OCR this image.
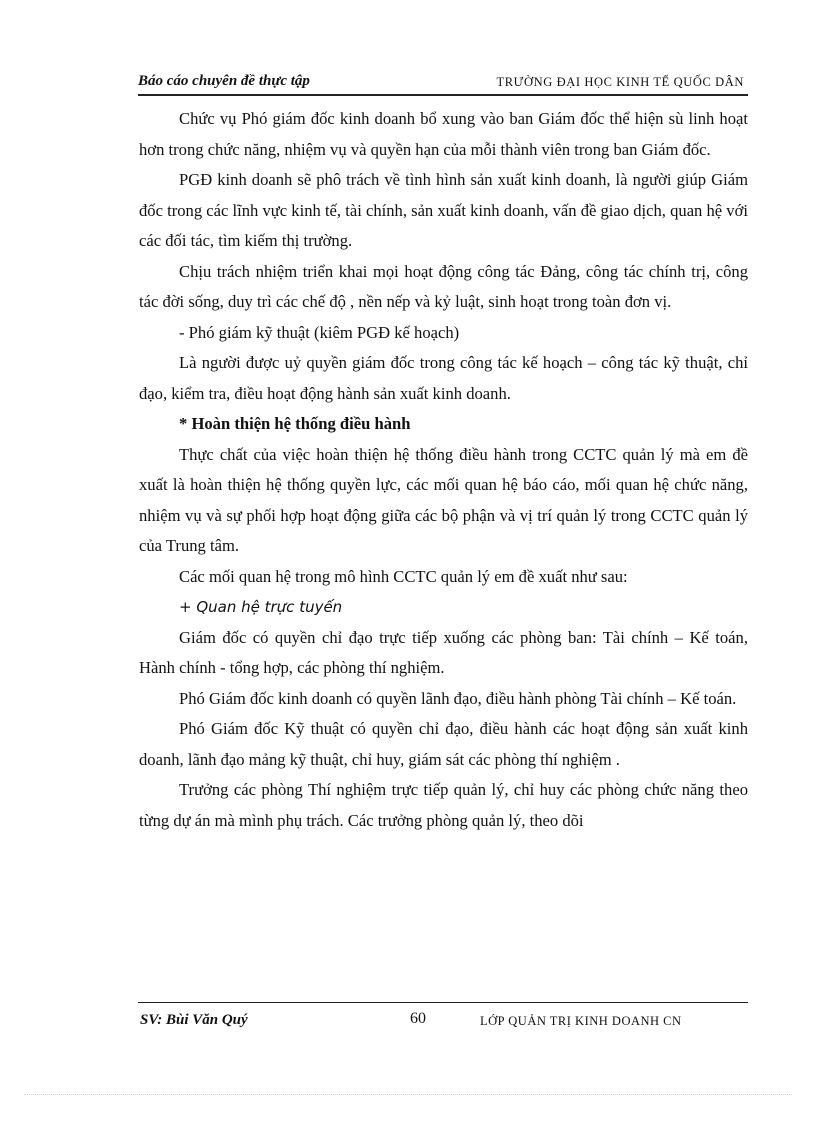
Báo cáo chuyên đề thực tập	TRƯỜNG ĐẠI HỌC KINH TẾ QUỐC DÂN

Chức vụ Phó giám đốc kinh doanh bổ xung vào ban Giám đốc thể hiện sù linh hoạt hơn trong chức năng, nhiệm vụ và quyền hạn của mỗi thành viên trong ban Giám đốc.

PGĐ kinh doanh sẽ phô trách về tình hình sản xuất kinh doanh, là người giúp Giám đốc trong các lĩnh vực kinh tế, tài chính, sản xuất kinh doanh, vấn đề giao dịch, quan hệ với các đối tác, tìm kiếm thị trường.

Chịu trách nhiệm triển khai mọi hoạt động công tác Đảng, công tác chính trị, công tác đời sống, duy trì các chế độ , nền nếp và kỷ luật, sinh hoạt trong toàn đơn vị.

- Phó giám kỹ thuật (kiêm PGĐ kế hoạch)

Là người được uỷ quyền giám đốc trong công tác kế hoạch – công tác kỹ thuật, chỉ đạo, kiểm tra, điều hoạt động hành sản xuất kinh doanh.

* Hoàn thiện hệ thống điều hành

Thực chất của việc hoàn thiện hệ thống điều hành trong CCTC quản lý mà em đề xuất là hoàn thiện hệ thống quyền lực, các mối quan hệ báo cáo, mối quan hệ chức năng, nhiệm vụ và sự phối hợp hoạt động giữa các bộ phận và vị trí quản lý trong CCTC quản lý của Trung tâm.

Các mối quan hệ trong mô hình CCTC quản lý em đề xuất như sau:

+ Quan hệ trực tuyến

Giám đốc có quyền chỉ đạo trực tiếp xuống các phòng ban: Tài chính – Kế toán, Hành chính - tổng hợp, các phòng thí nghiệm.

Phó Giám đốc kinh doanh có quyền lãnh đạo, điều hành phòng Tài chính – Kế toán.

Phó Giám đốc Kỹ thuật có quyền chỉ đạo, điều hành các hoạt động sản xuất kinh doanh, lãnh đạo mảng kỹ thuật, chỉ huy, giám sát các phòng thí nghiệm .

Trưởng các phòng Thí nghiệm trực tiếp quản lý, chỉ huy các phòng chức năng theo từng dự án mà mình phụ trách. Các trưởng phòng quản lý, theo dõi

SV: Bùi Văn Quý	60	LỚP QUẢN TRỊ KINH DOANH CN
